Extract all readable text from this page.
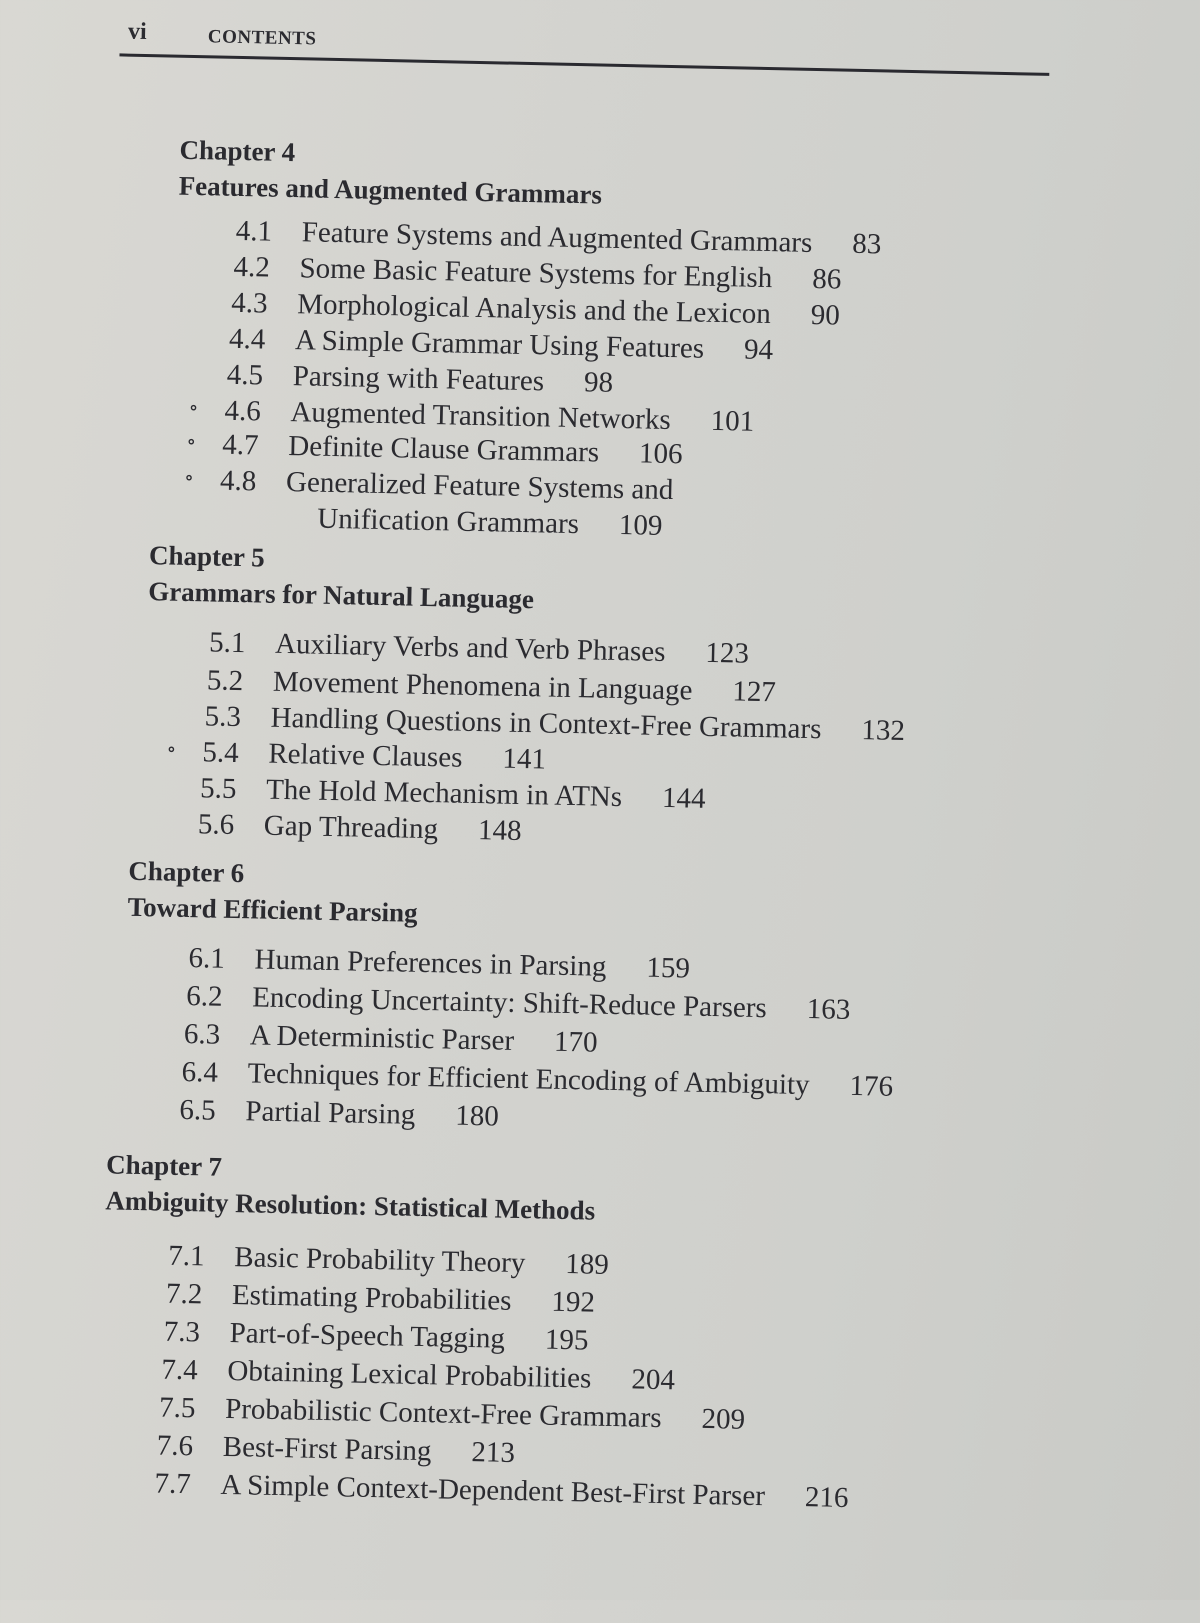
vi	CONTENTS
Chapter 4
Features and Augmented Grammars
4.1 Feature Systems and Augmented Grammars 83
4.2 Some Basic Feature Systems for English 86
4.3 Morphological Analysis and the Lexicon 90
4.4 A Simple Grammar Using Features 94
4.5 Parsing with Features 98
∘ 4.6 Augmented Transition Networks 101
∘ 4.7 Definite Clause Grammars 106
∘ 4.8 Generalized Feature Systems and
Unification Grammars 109
Chapter 5
Grammars for Natural Language
5.1 Auxiliary Verbs and Verb Phrases 123
5.2 Movement Phenomena in Language 127
5.3 Handling Questions in Context-Free Grammars 132
∘ 5.4 Relative Clauses 141
5.5 The Hold Mechanism in ATNs 144
5.6 Gap Threading 148
Chapter 6
Toward Efficient Parsing
6.1 Human Preferences in Parsing 159
6.2 Encoding Uncertainty: Shift-Reduce Parsers 163
6.3 A Deterministic Parser 170
6.4 Techniques for Efficient Encoding of Ambiguity 176
6.5 Partial Parsing 180
Chapter 7
Ambiguity Resolution: Statistical Methods
7.1 Basic Probability Theory 189
7.2 Estimating Probabilities 192
7.3 Part-of-Speech Tagging 195
7.4 Obtaining Lexical Probabilities 204
7.5 Probabilistic Context-Free Grammars 209
7.6 Best-First Parsing 213
7.7 A Simple Context-Dependent Best-First Parser 216
